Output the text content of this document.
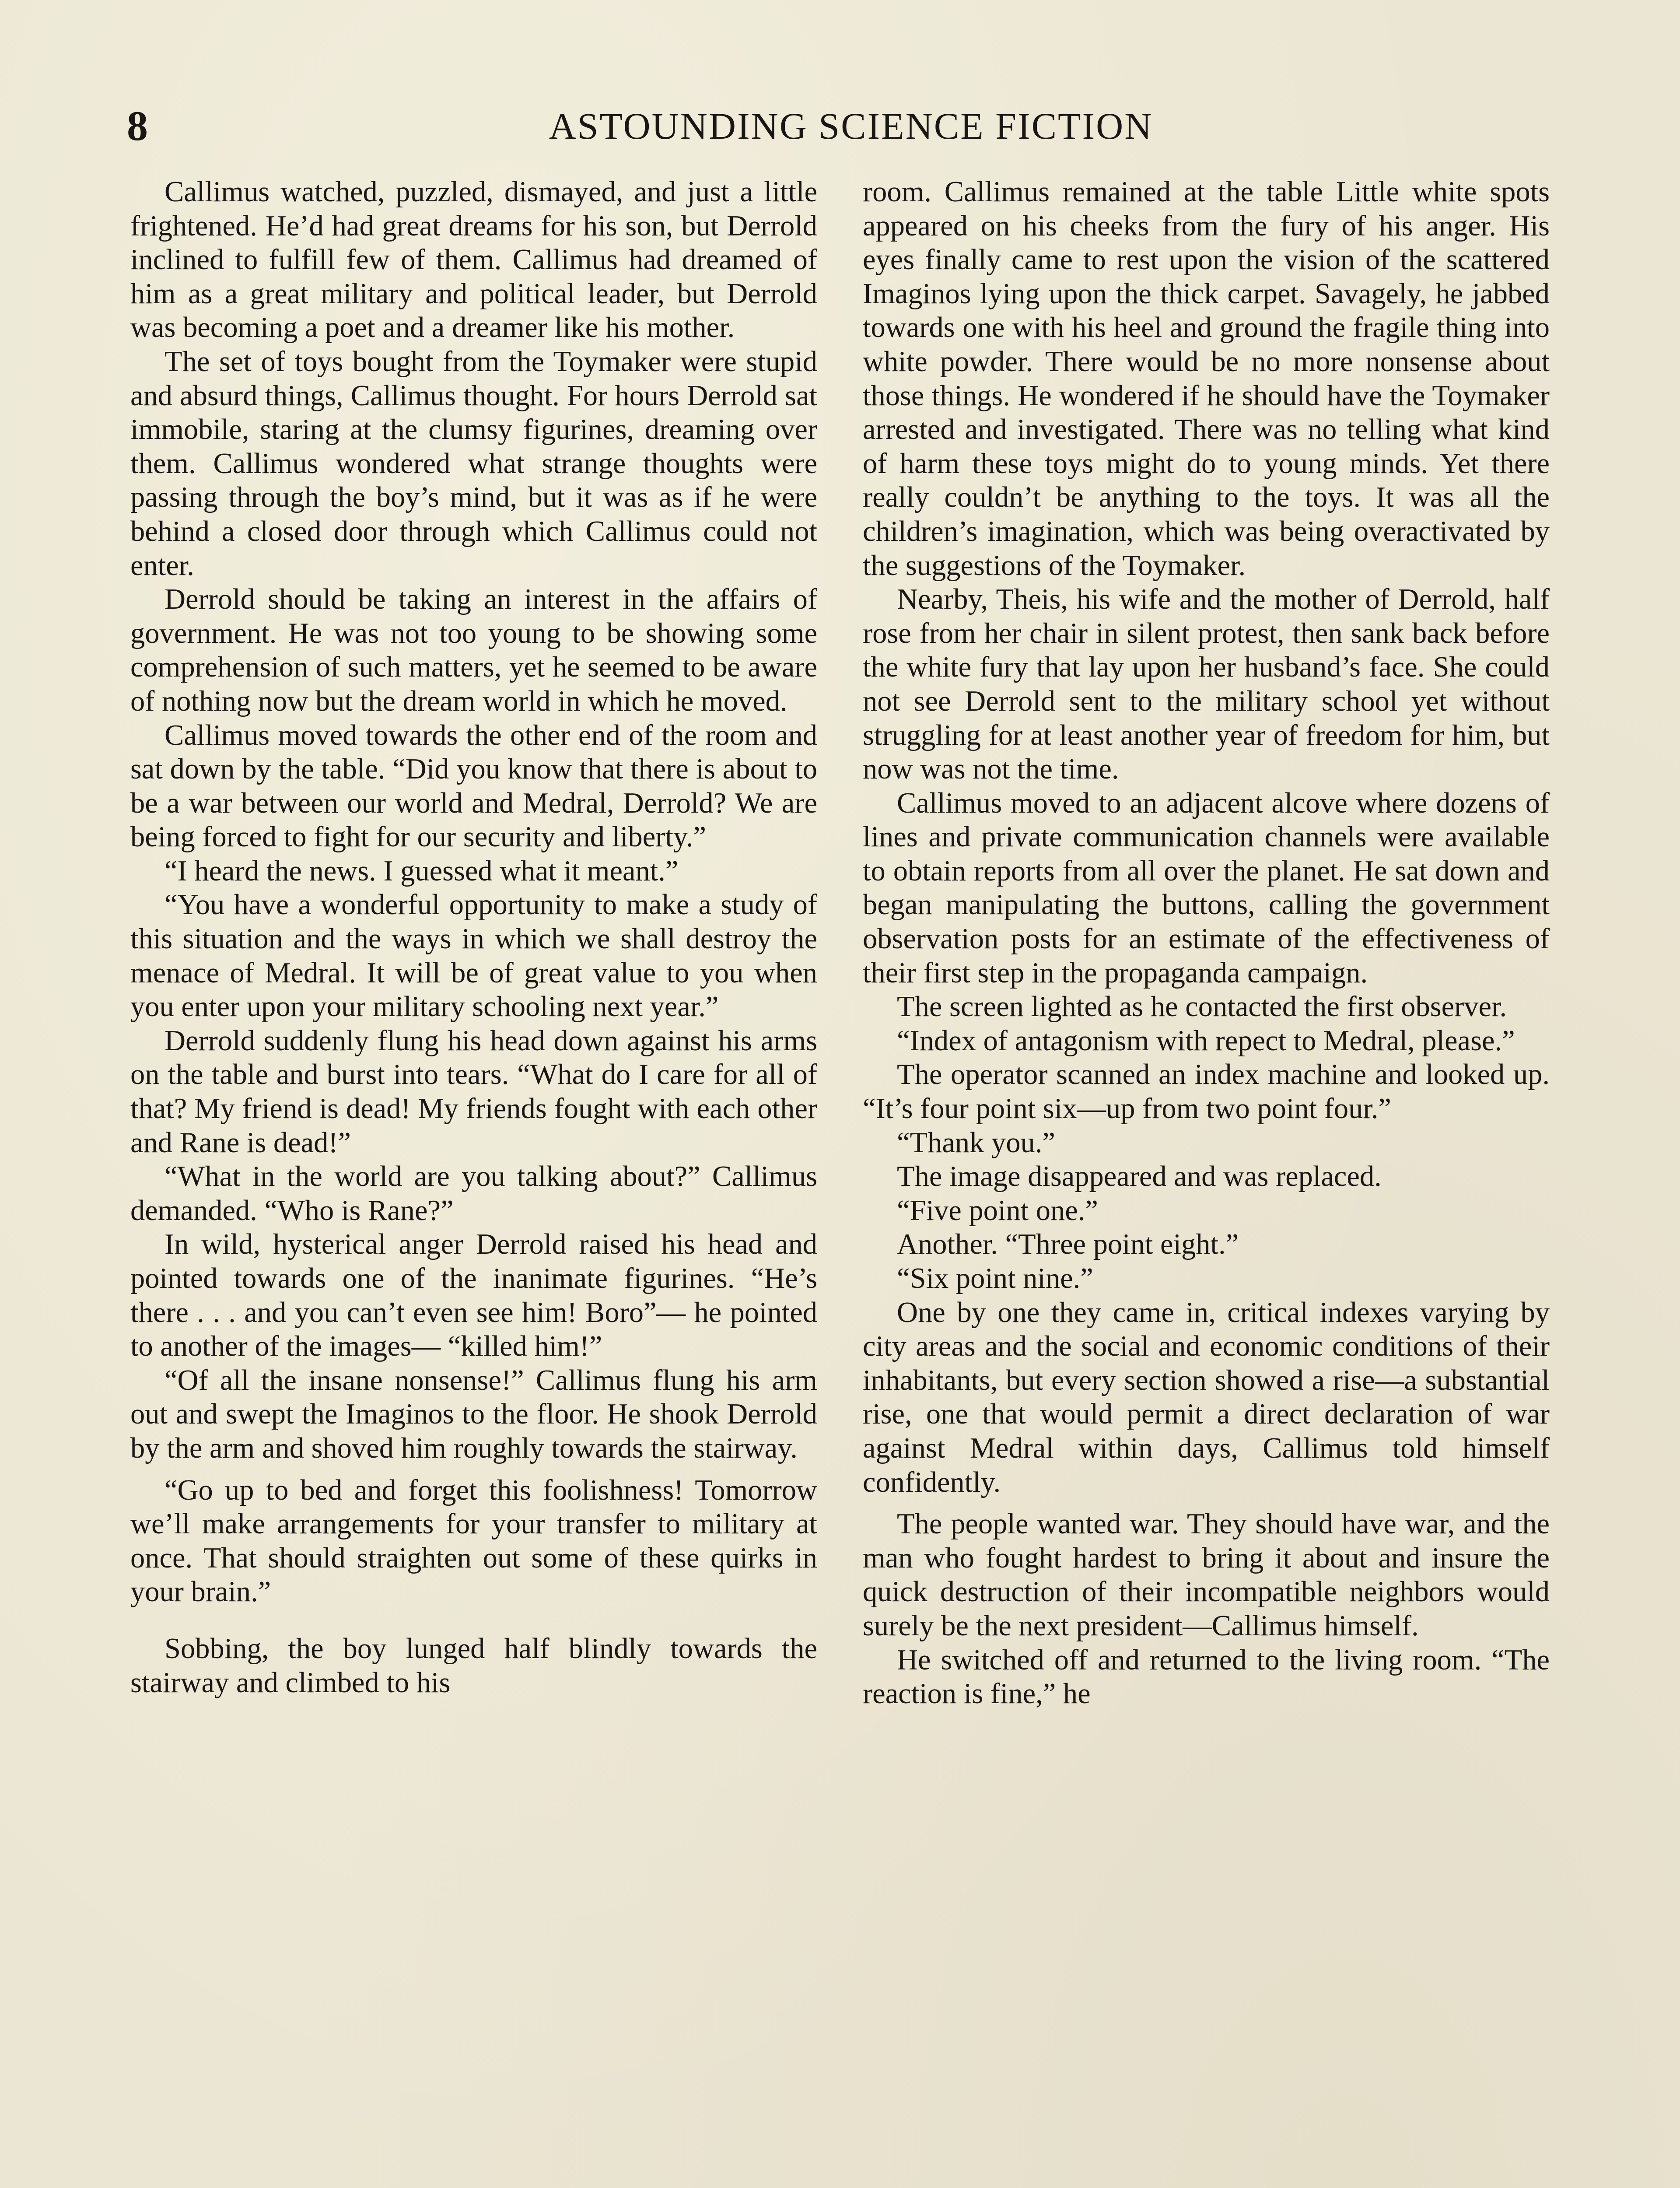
8	ASTOUNDING SCIENCE FICTION

Callimus watched, puzzled, dismayed, and just a little frightened. He’d had great dreams for his son, but Derrold inclined to fulfill few of them. Callimus had dreamed of him as a great military and political leader, but Derrold was becoming a poet and a dreamer like his mother.

The set of toys bought from the Toymaker were stupid and absurd things, Callimus thought. For hours Derrold sat immobile, staring at the clumsy figurines, dreaming over them. Callimus wondered what strange thoughts were passing through the boy’s mind, but it was as if he were behind a closed door through which Callimus could not enter.

Derrold should be taking an interest in the affairs of government. He was not too young to be showing some comprehension of such matters, yet he seemed to be aware of nothing now but the dream world in which he moved.

Callimus moved towards the other end of the room and sat down by the table. “Did you know that there is about to be a war between our world and Medral, Derrold? We are being forced to fight for our security and liberty.”

“I heard the news. I guessed what it meant.”

“You have a wonderful opportunity to make a study of this situation and the ways in which we shall destroy the menace of Medral. It will be of great value to you when you enter upon your military schooling next year.”

Derrold suddenly flung his head down against his arms on the table and burst into tears. “What do I care for all of that? My friend is dead! My friends fought with each other and Rane is dead!”

“What in the world are you talking about?” Callimus demanded. “Who is Rane?”

In wild, hysterical anger Derrold raised his head and pointed towards one of the inanimate figurines. “He’s there . . . and you can’t even see him! Boro”— he pointed to another of the images— “killed him!”

“Of all the insane nonsense!” Callimus flung his arm out and swept the Imaginos to the floor. He shook Derrold by the arm and shoved him roughly towards the stairway.

“Go up to bed and forget this foolishness! Tomorrow we’ll make arrangements for your transfer to military at once. That should straighten out some of these quirks in your brain.”

Sobbing, the boy lunged half blindly towards the stairway and climbed to his

room. Callimus remained at the table Little white spots appeared on his cheeks from the fury of his anger. His eyes finally came to rest upon the vision of the scattered Imaginos lying upon the thick carpet. Savagely, he jabbed towards one with his heel and ground the fragile thing into white powder. There would be no more nonsense about those things. He wondered if he should have the Toymaker arrested and investigated. There was no telling what kind of harm these toys might do to young minds. Yet there really couldn’t be anything to the toys. It was all the children’s imagination, which was being overactivated by the suggestions of the Toymaker.

Nearby, Theis, his wife and the mother of Derrold, half rose from her chair in silent protest, then sank back before the white fury that lay upon her husband’s face. She could not see Derrold sent to the military school yet without struggling for at least another year of freedom for him, but now was not the time.

Callimus moved to an adjacent alcove where dozens of lines and private communication channels were available to obtain reports from all over the planet. He sat down and began manipulating the buttons, calling the government observation posts for an estimate of the effectiveness of their first step in the propaganda campaign.

The screen lighted as he contacted the first observer.

“Index of antagonism with repect to Medral, please.”

The operator scanned an index machine and looked up. “It’s four point six—up from two point four.”

“Thank you.”

The image disappeared and was replaced.

“Five point one.”

Another. “Three point eight.”

“Six point nine.”

One by one they came in, critical indexes varying by city areas and the social and economic conditions of their inhabitants, but every section showed a rise—a substantial rise, one that would permit a direct declaration of war against Medral within days, Callimus told himself confidently.

The people wanted war. They should have war, and the man who fought hardest to bring it about and insure the quick destruction of their incompatible neighbors would surely be the next president—Callimus himself.

He switched off and returned to the living room. “The reaction is fine,” he
